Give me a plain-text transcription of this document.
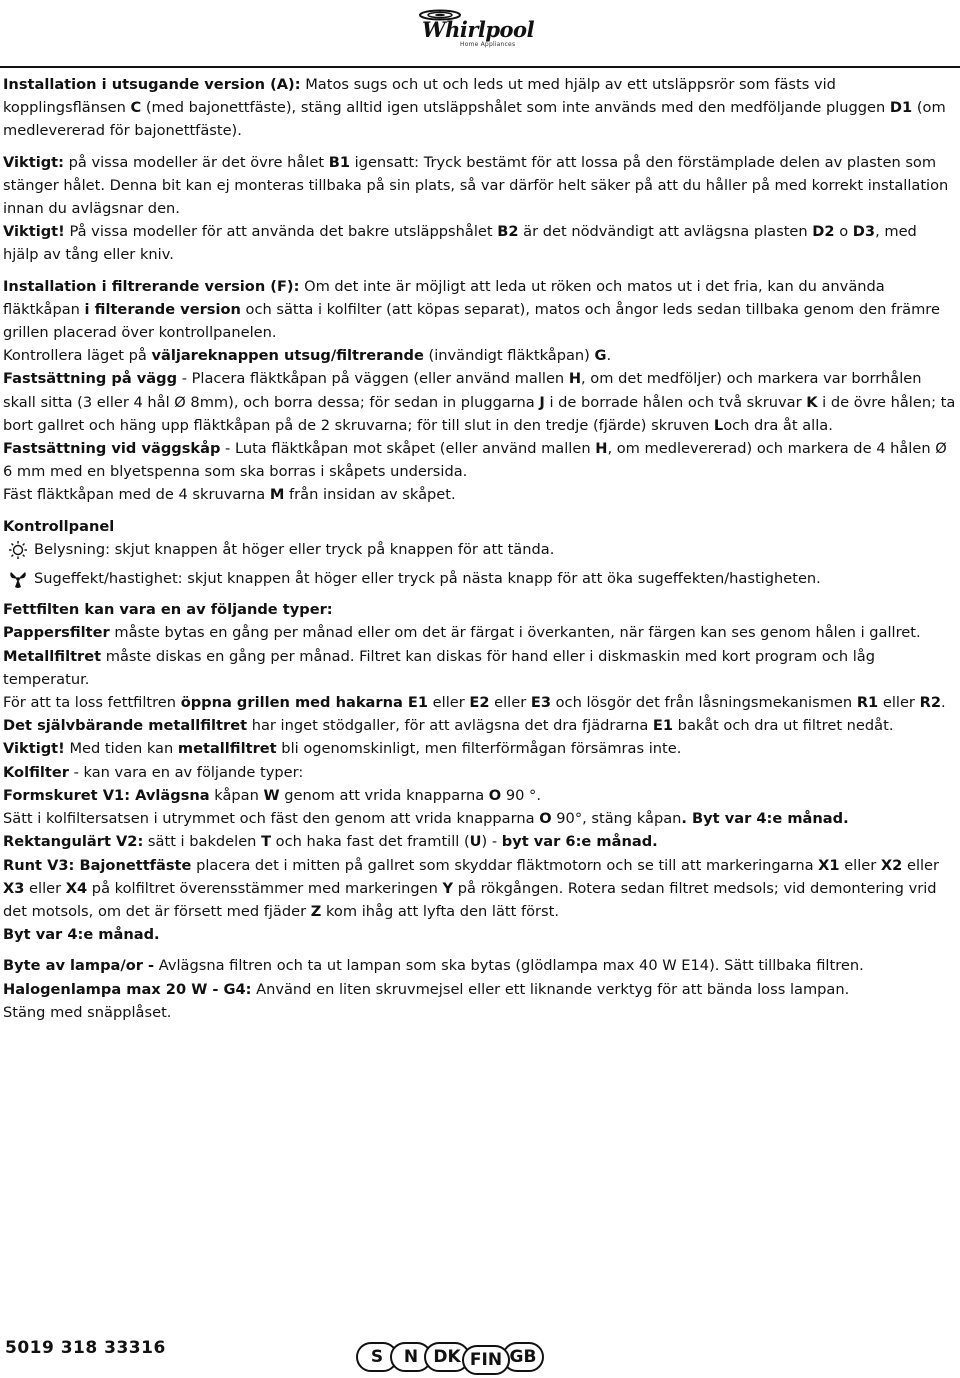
Whirlpool
Home Appliances

Installation i utsugande version (A): Matos sugs och ut och leds ut med hjälp av ett utsläppsrör som fästs vid kopplingsflänsen C (med bajonettfäste), stäng alltid igen utsläppshålet som inte används med den medföljande pluggen D1 (om medlevererad för bajonettfäste).

Viktigt: på vissa modeller är det övre hålet B1 igensatt: Tryck bestämt för att lossa på den förstämplade delen av plasten som stänger hålet. Denna bit kan ej monteras tillbaka på sin plats, så var därför helt säker på att du håller på med korrekt installation innan du avlägsnar den.

Viktigt! På vissa modeller för att använda det bakre utsläppshålet B2 är det nödvändigt att avlägsna plasten D2 o D3, med hjälp av tång eller kniv.

Installation i filtrerande version (F): Om det inte är möjligt att leda ut röken och matos ut i det fria, kan du använda fläktkåpan i filterande version och sätta i kolfilter (att köpas separat), matos och ångor leds sedan tillbaka genom den främre grillen placerad över kontrollpanelen.

Kontrollera läget på väljareknappen utsug/filtrerande (invändigt fläktkåpan) G.

Fastsättning på vägg - Placera fläktkåpan på väggen (eller använd mallen H, om det medföljer) och markera var borrhålen skall sitta (3 eller 4 hål Ø 8mm), och borra dessa; för sedan in pluggarna J i de borrade hålen och två skruvar K i de övre hålen; ta bort gallret och häng upp fläktkåpan på de 2 skruvarna; för till slut in den tredje (fjärde) skruven Loch dra åt alla.

Fastsättning vid väggskåp - Luta fläktkåpan mot skåpet (eller använd mallen H, om medlevererad) och markera de 4 hålen Ø 6 mm med en blyetspenna som ska borras i skåpets undersida.

Fäst fläktkåpan med de 4 skruvarna M från insidan av skåpet.

Kontrollpanel

Belysning: skjut knappen åt höger eller tryck på knappen för att tända.

Sugeffekt/hastighet: skjut knappen åt höger eller tryck på nästa knapp för att öka sugeffekten/hastigheten.

Fettfilten kan vara en av följande typer:

Pappersfilter måste bytas en gång per månad eller om det är färgat i överkanten, när färgen kan ses genom hålen i gallret.

Metallfiltret måste diskas en gång per månad. Filtret kan diskas för hand eller i diskmaskin med kort program och låg temperatur.

För att ta loss fettfiltren öppna grillen med hakarna E1 eller E2 eller E3 och lösgör det från låsningsmekanismen R1 eller R2.

Det självbärande metallfiltret har inget stödgaller, för att avlägsna det dra fjädrarna E1 bakåt och dra ut filtret nedåt.

Viktigt! Med tiden kan metallfiltret bli ogenomskinligt, men filterförmågan försämras inte.

Kolfilter - kan vara en av följande typer:

Formskuret V1: Avlägsna kåpan W genom att vrida knapparna O 90 °.

Sätt i kolfiltersatsen i utrymmet och fäst den genom att vrida knapparna O 90°, stäng kåpan. Byt var 4:e månad.

Rektangulärt V2: sätt i bakdelen T och haka fast det framtill (U) - byt var 6:e månad.

Runt V3: Bajonettfäste placera det i mitten på gallret som skyddar fläktmotorn och se till att markeringarna X1 eller X2 eller X3 eller X4 på kolfiltret överensstämmer med markeringen Y på rökgången. Rotera sedan filtret medsols; vid demontering vrid det motsols, om det är försett med fjäder Z kom ihåg att lyfta den lätt först.

Byt var 4:e månad.

Byte av lampa/or - Avlägsna filtren och ta ut lampan som ska bytas (glödlampa max 40 W E14). Sätt tillbaka filtren.

Halogenlampa max 20 W - G4: Använd en liten skruvmejsel eller ett liknande verktyg för att bända loss lampan.

Stäng med snäpplåset.

5019 318 33316	S	N DK FIN GB
